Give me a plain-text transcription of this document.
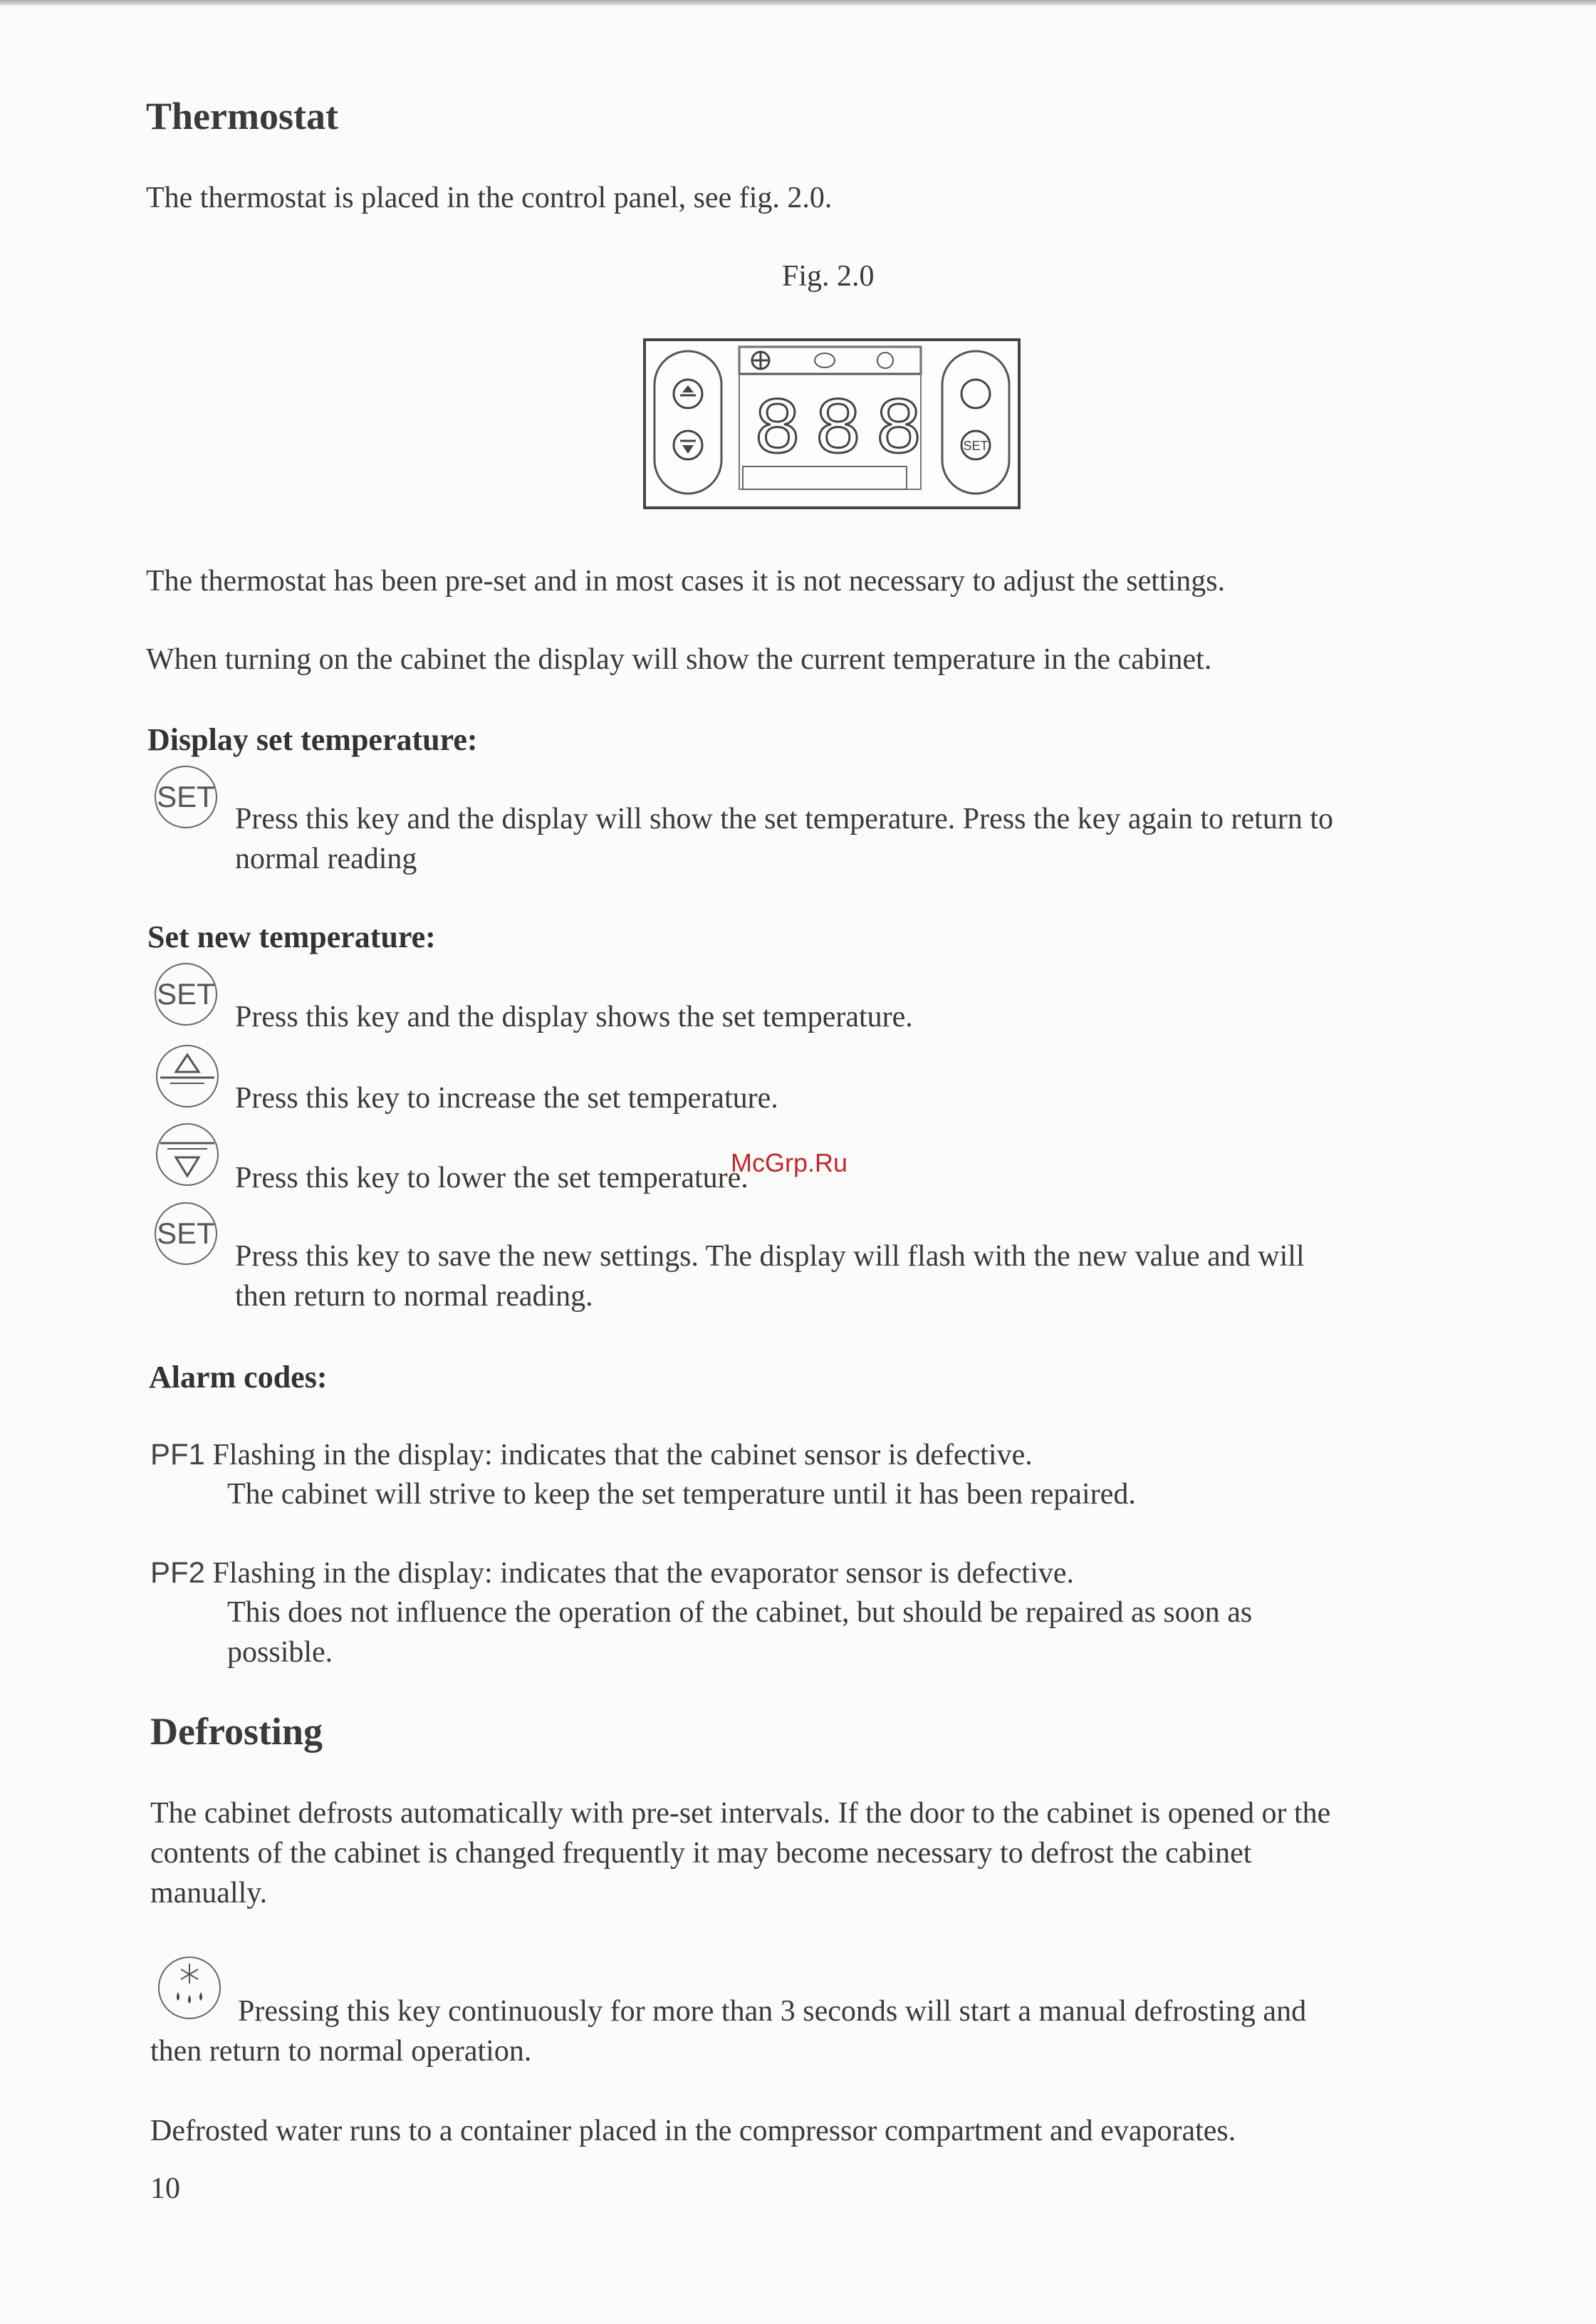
Thermostat
The thermostat is placed in the control panel, see fig. 2.0.
Fig. 2.0
888 SET
The thermostat has been pre-set and in most cases it is not necessary to adjust the settings.
When turning on the cabinet the display will show the current temperature in the cabinet.
Display set temperature:
SET
Press this key and the display will show the set temperature. Press the key again to return to
normal reading
Set new temperature:
SET
Press this key and the display shows the set temperature.
Press this key to increase the set temperature.
Press this key to lower the set temperature.
SET
Press this key to save the new settings. The display will flash with the new value and will
then return to normal reading.
Alarm codes:
PF1 Flashing in the display: indicates that the cabinet sensor is defective.
The cabinet will strive to keep the set temperature until it has been repaired.
PF2 Flashing in the display: indicates that the evaporator sensor is defective.
This does not influence the operation of the cabinet, but should be repaired as soon as
possible.
Defrosting
The cabinet defrosts automatically with pre-set intervals. If the door to the cabinet is opened or the
contents of the cabinet is changed frequently it may become necessary to defrost the cabinet
manually.
Pressing this key continuously for more than 3 seconds will start a manual defrosting and
then return to normal operation.
Defrosted water runs to a container placed in the compressor compartment and evaporates.
10
McGrp.Ru
